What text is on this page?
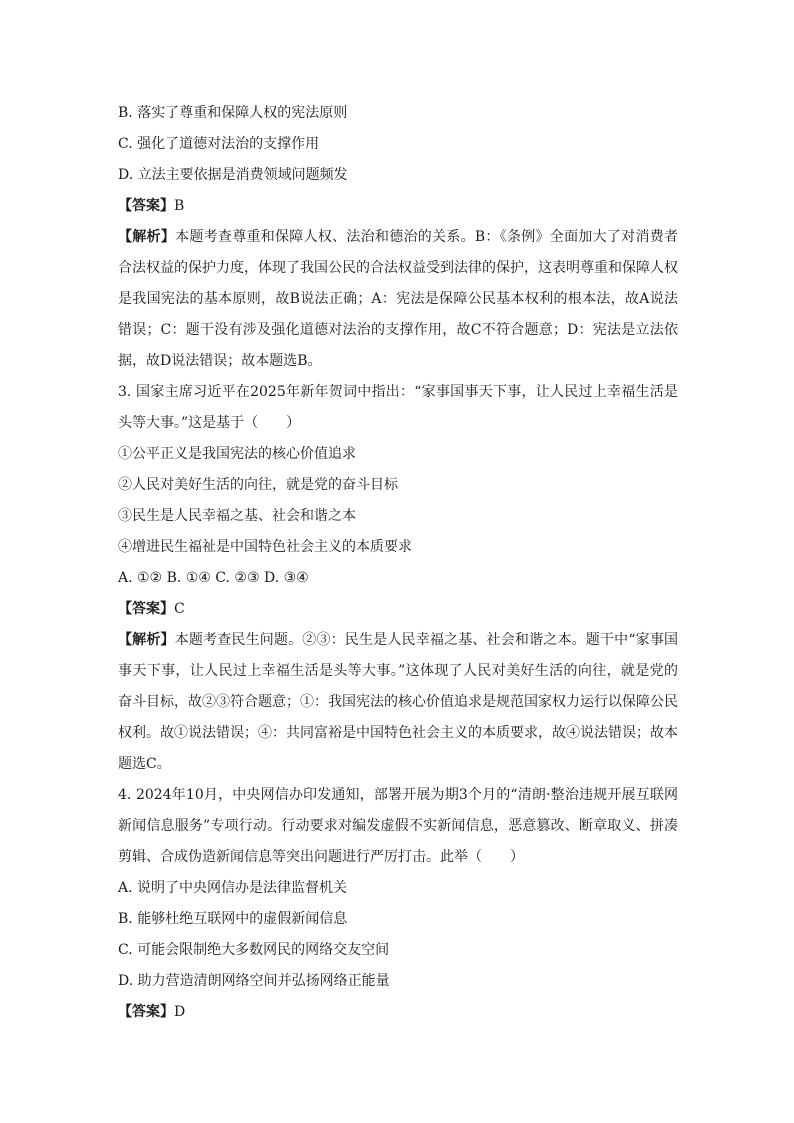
B. 落实了尊重和保障人权的宪法原则
C. 强化了道德对法治的支撑作用
D. 立法主要依据是消费领域问题频发
【答案】B
【解析】本题考查尊重和保障人权、法治和德治的关系。B：《条例》全面加大了对消费者合法权益的保护力度，体现了我国公民的合法权益受到法律的保护，这表明尊重和保障人权是我国宪法的基本原则，故B说法正确；A：宪法是保障公民基本权利的根本法，故A说法错误；C：题干没有涉及强化道德对法治的支撑作用，故C不符合题意；D：宪法是立法依据，故D说法错误；故本题选B。
3. 国家主席习近平在2025年新年贺词中指出：“家事国事天下事，让人民过上幸福生活是头等大事。”这是基于（　　）
①公平正义是我国宪法的核心价值追求
②人民对美好生活的向往，就是党的奋斗目标
③民生是人民幸福之基、社会和谐之本
④增进民生福祉是中国特色社会主义的本质要求
A. ①② B. ①④ C. ②③ D. ③④
【答案】C
【解析】本题考查民生问题。②③：民生是人民幸福之基、社会和谐之本。题干中“家事国事天下事，让人民过上幸福生活是头等大事。”这体现了人民对美好生活的向往，就是党的奋斗目标，故②③符合题意；①：我国宪法的核心价值追求是规范国家权力运行以保障公民权利。故①说法错误；④：共同富裕是中国特色社会主义的本质要求，故④说法错误；故本题选C。
4. 2024年10月，中央网信办印发通知，部署开展为期3个月的“清朗·整治违规开展互联网新闻信息服务”专项行动。行动要求对编发虚假不实新闻信息，恶意篡改、断章取义、拼凑剪辑、合成伪造新闻信息等突出问题进行严厉打击。此举（　　）
A. 说明了中央网信办是法律监督机关
B. 能够杜绝互联网中的虚假新闻信息
C. 可能会限制绝大多数网民的网络交友空间
D. 助力营造清朗网络空间并弘扬网络正能量
【答案】D
